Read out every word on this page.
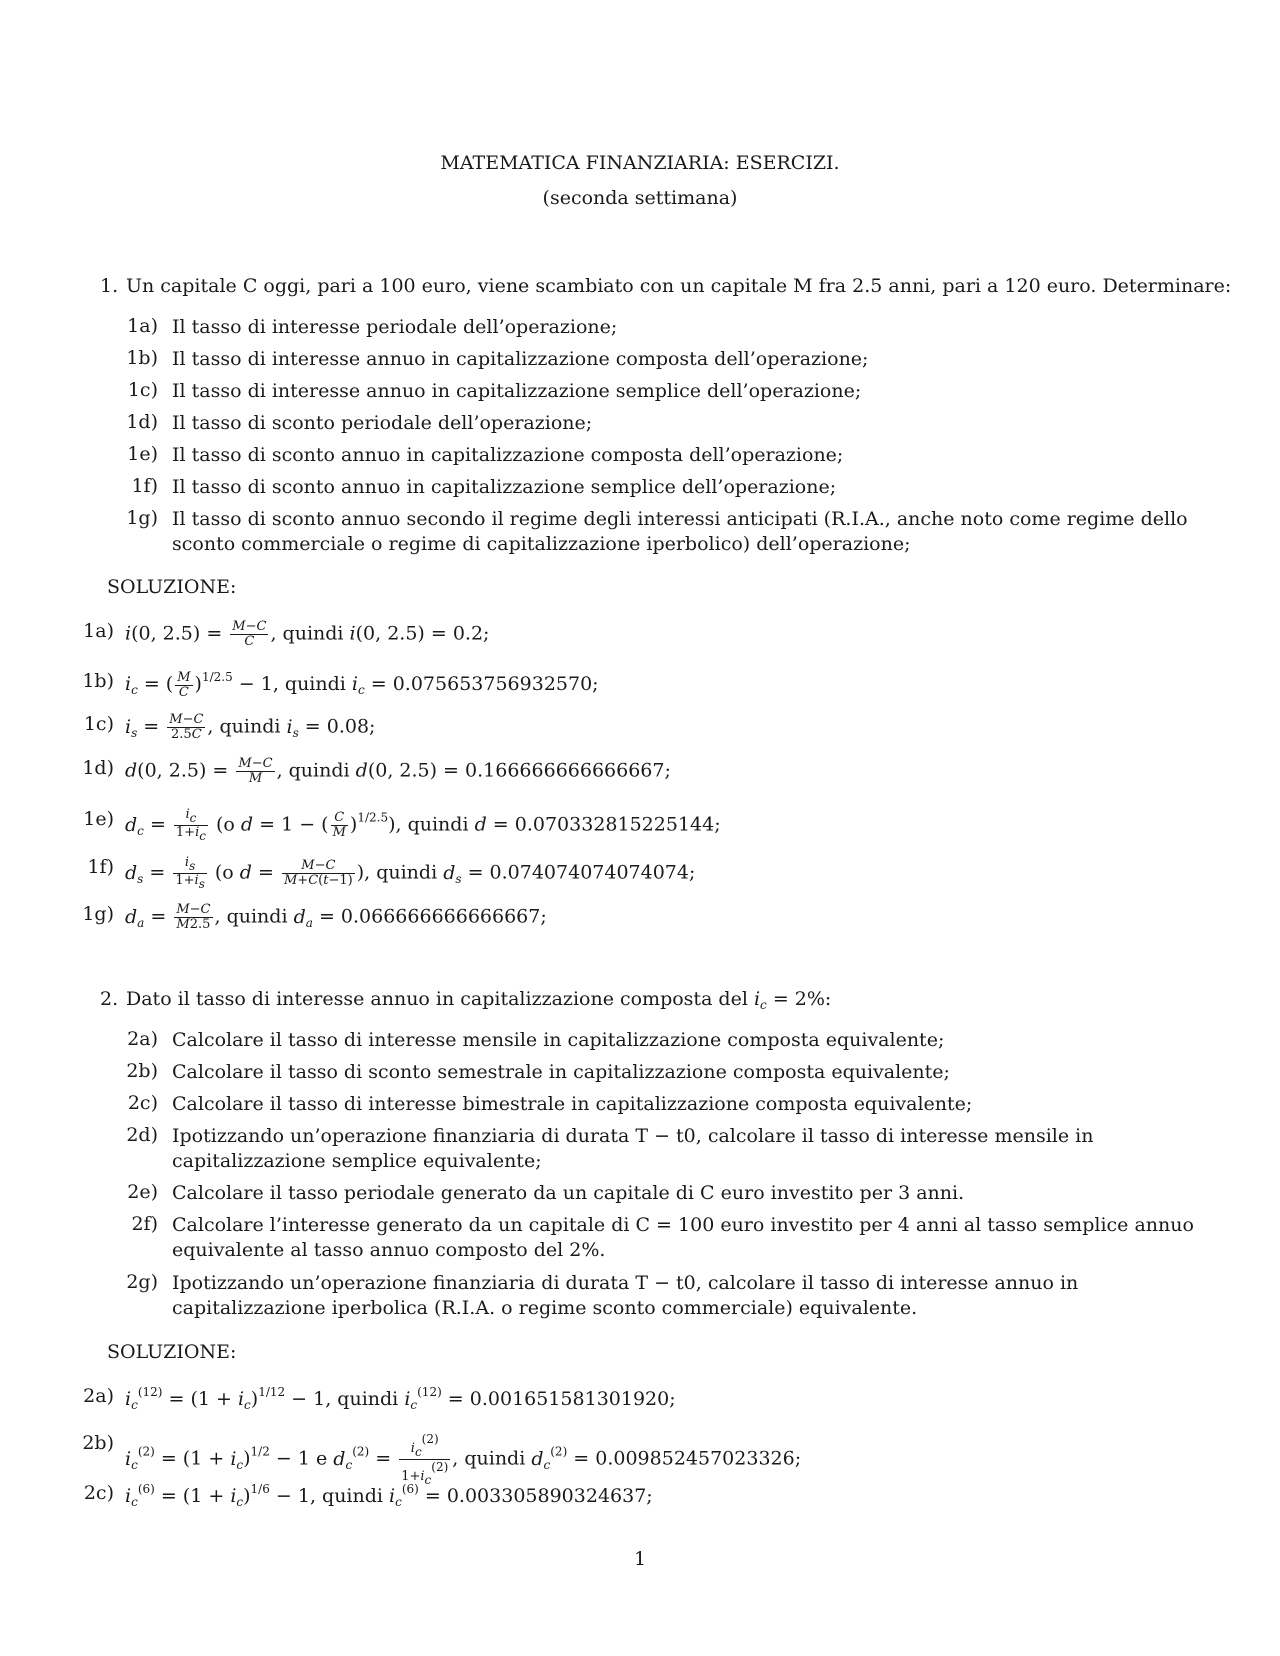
MATEMATICA FINANZIARIA: ESERCIZI.
(seconda settimana)
1. Un capitale C oggi, pari a 100 euro, viene scambiato con un capitale M fra 2.5 anni, pari a 120 euro. Determinare:
1a) Il tasso di interesse periodale dell’operazione;
1b) Il tasso di interesse annuo in capitalizzazione composta dell’operazione;
1c) Il tasso di interesse annuo in capitalizzazione semplice dell’operazione;
1d) Il tasso di sconto periodale dell’operazione;
1e) Il tasso di sconto annuo in capitalizzazione composta dell’operazione;
1f) Il tasso di sconto annuo in capitalizzazione semplice dell’operazione;
1g) Il tasso di sconto annuo secondo il regime degli interessi anticipati (R.I.A., anche noto come regime dello sconto commerciale o regime di capitalizzazione iperbolico) dell’operazione;
SOLUZIONE:
1a) i(0, $2.5) = \frac{M-C}{C}$ , quindi i(0, 2.5) = 0.2;
1b) $i_c$ = ( $\frac{M}{C} )^{1/2.5} - 1$, quindi $i_c = 0.075653756932570$;
1c) $i_s = \frac{M-C}{2.5C}$ , quindi $i_s = 0.08$;
1d) d(0, $2.5) = \frac{M-C}{M}$ , quindi d(0, 2.5) = 0.166666666666667;
1e) $d_c = \frac{i_c}{1+i_c} (o$ d = 1 − ( $\frac{C}{M} )^{1/2.5}$), quindi d = 0.070332815225144;
1f) $d_s = \frac{i_s}{1+i_s} (o$ $d = \frac{M-C}{M+C(t-1)}$ ), quindi $d_s = 0.074074074074074$;
1g) $d_a = \frac{M-C}{M2.5}$ , quindi $d_a = 0.066666666666667$;
2. Dato il tasso di interesse annuo in capitalizzazione composta del $i_c = 2\%$:
2a) Calcolare il tasso di interesse mensile in capitalizzazione composta equivalente;
2b) Calcolare il tasso di sconto semestrale in capitalizzazione composta equivalente;
2c) Calcolare il tasso di interesse bimestrale in capitalizzazione composta equivalente;
2d) Ipotizzando un’operazione finanziaria di durata T − t0, calcolare il tasso di interesse mensile in capitalizzazione semplice equivalente;
2e) Calcolare il tasso periodale generato da un capitale di C euro investito per 3 anni.
2f) Calcolare l’interesse generato da un capitale di C = 100 euro investito per 4 anni al tasso semplice annuo equivalente al tasso annuo composto del 2%.
2g) Ipotizzando un’operazione finanziaria di durata T − t0, calcolare il tasso di interesse annuo in capitalizzazione iperbolica (R.I.A. o regime sconto commerciale) equivalente.
SOLUZIONE:
2a) $i_c^{(12)} = (1 + i_c)^{1/12} - 1$, quindi $i_c^{(12)} = 0.001651581301920$;
2b)
$i_c^{(2)} = (1 + i_c)^{1/2} - 1$ e $d_c^{(2)} = \frac{i_c^{(2)}}{1+i_c^{(2)}}$ , quindi $d_c^{(2)} = 0.009852457023326$;
2c) $i_c^{(6)} = (1 + i_c)^{1/6} - 1$, quindi $i_c^{(6)} = 0.003305890324637$;
1
